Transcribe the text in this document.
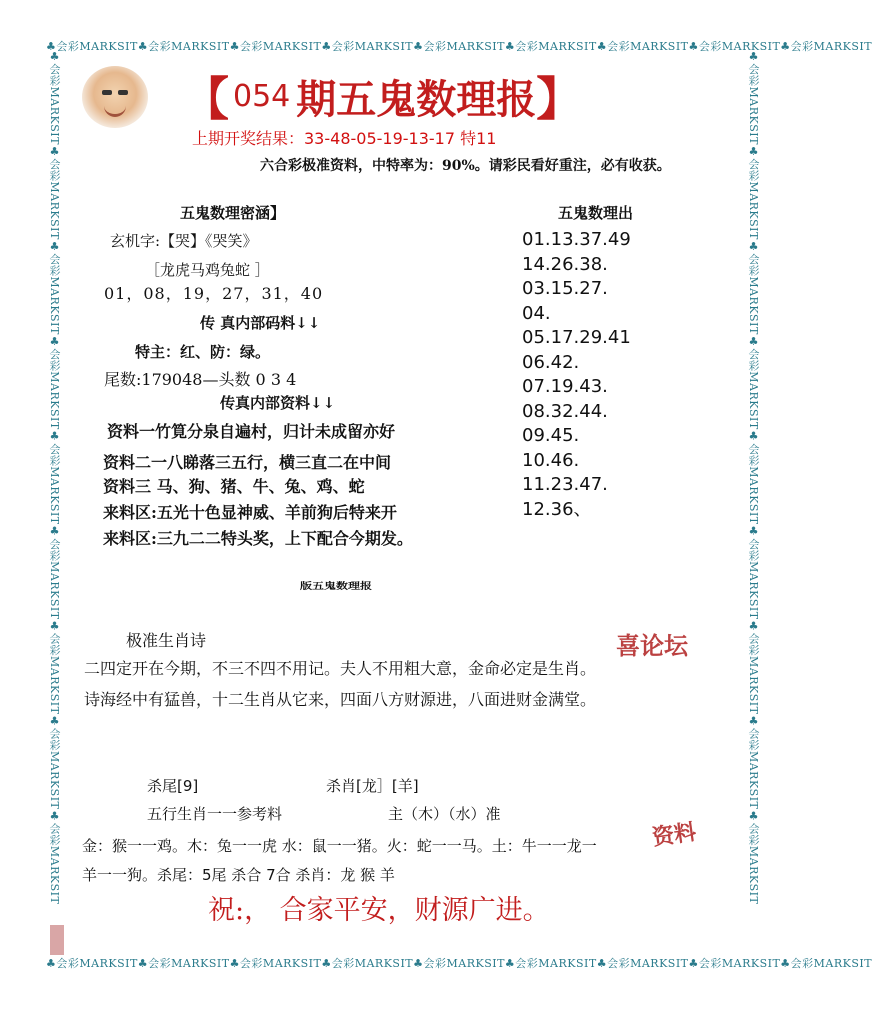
♣会彩MARKSIT♣会彩MARKSIT♣会彩MARKSIT♣会彩MARKSIT♣会彩MARKSIT♣会彩MARKSIT♣会彩MARKSIT♣会彩MARKSIT♣会彩MARKSIT
♣会彩MARKSIT♣会彩MARKSIT♣会彩MARKSIT♣会彩MARKSIT♣会彩MARKSIT♣会彩MARKSIT♣会彩MARKSIT♣会彩MARKSIT♣会彩MARKSIT
♣会彩MARKSIT♣会彩MARKSIT♣会彩MARKSIT♣会彩MARKSIT♣会彩MARKSIT♣会彩MARKSIT♣会彩MARKSIT♣会彩MARKSIT♣会彩MARKSIT	♣会彩MARKSIT♣会彩MARKSIT♣会彩MARKSIT♣会彩MARKSIT♣会彩MARKSIT♣会彩MARKSIT♣会彩MARKSIT♣会彩MARKSIT♣会彩MARKSIT
【 054 期五鬼数理报 】
上期开奖结果：33-48-05-19-13-17 特11
六合彩极准资料，中特率为：90%。请彩民看好重注，必有收获。
五鬼数理密涵】
玄机字:【哭】《哭笑》
［龙虎马鸡兔蛇 ］
01，08，19，27，31，40
传 真内部码料↓↓
特主：红、防：绿。
尾数:179048—头数 0 3 4
传真内部资料↓↓
资料一竹筧分泉自遍村，归计未成留亦好
资料二一八睇落三五行，横三直二在中间
资料三 马、狗、猪、牛、兔、鸡、蛇
来料区:五光十色显神威、羊前狗后特来开
来料区:三九二二特头奖，上下配合今期发。
五鬼数理出
01.13.37.49
14.26.38.
03.15.27.
04.
05.17.29.41
06.42.
07.19.43.
08.32.44.
09.45.
10.46.
11.23.47.
12.36、
版五鬼数理报
极准生肖诗
二四定开在今期，不三不四不用记。夫人不用粗大意，金命必定是生肖。
诗海经中有猛兽，十二生肖从它来，四面八方财源进，八面进财金满堂。
喜论坛
资料
杀尾[9]	杀肖[龙］[羊]
五行生肖一一参考料	主（木）（水）准
金：猴一一鸡。木：兔一一虎 水：鼠一一猪。火：蛇一一马。土：牛一一龙一
羊一一狗。杀尾：5尾 杀合 7合 杀肖：龙 猴 羊
祝:， 合家平安，财源广进。
